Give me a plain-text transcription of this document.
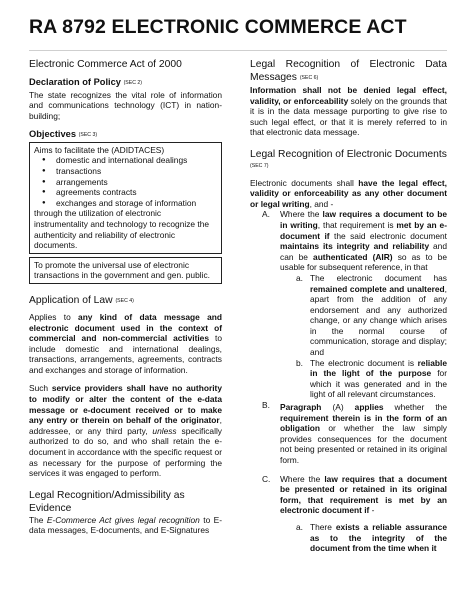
RA 8792 ELECTRONIC COMMERCE ACT
Electronic Commerce Act of 2000
Declaration of Policy (SEC 2)

The state recognizes the vital role of information and communications technology (ICT) in nation-building;

Objectives (SEC 3)
Aims to facilitate the (ADIDTACES)
● domestic and international dealings
● transactions
● arrangements
● agreements contracts
● exchanges and storage of information
through the utilization of electronic instrumentality and technology to recognize the authenticity and reliability of electronic documents.
To promote the universal use of electronic transactions in the government and gen. public.
Application of Law (SEC 4)

Applies to any kind of data message and electronic document used in the context of commercial and non-commercial activities to include domestic and international dealings, transactions, arrangements, agreements, contracts and exchanges and storage of information.

Such service providers shall have no authority to modify or alter the content of the e-data message or e-document received or to make any entry or therein on behalf of the originator, addressee, or any third party, unless specifically authorized to do so, and who shall retain the e-document in accordance with the specific request or as necessary for the purpose of performing the services it was engaged to perform.

Legal Recognition/Admissibility as Evidence

The E-Commerce Act gives legal recognition to E-data messages, E-documents, and E-Signatures

Legal Recognition of Electronic Data Messages (SEC 6)

Information shall not be denied legal effect, validity, or enforceability solely on the grounds that it is in the data message purporting to give rise to such legal effect, or that it is merely referred to in that electronic data message.

Legal Recognition of Electronic Documents
(SEC 7)

Electronic documents shall have the legal effect, validity or enforceability as any other document or legal writing, and -

A. Where the law requires a document to be in writing, that requirement is met by an e-document if the said electronic document maintains its integrity and reliability and can be authenticated (AIR) so as to be usable for subsequent reference, in that

a. The electronic document has remained complete and unaltered, apart from the addition of any endorsement and any authorized change, or any change which arises in the normal course of communication, storage and display; and

b. The electronic document is reliable in the light of the purpose for which it was generated and in the light of all relevant circumstances.

B. Paragraph (A) applies whether the requirement therein is in the form of an obligation or whether the law simply provides consequences for the document not being presented or retained in its original form.

C. Where the law requires that a document be presented or retained in its original form, that requirement is met by an electronic document if -

a. There exists a reliable assurance as to the integrity of the document from the time when it
